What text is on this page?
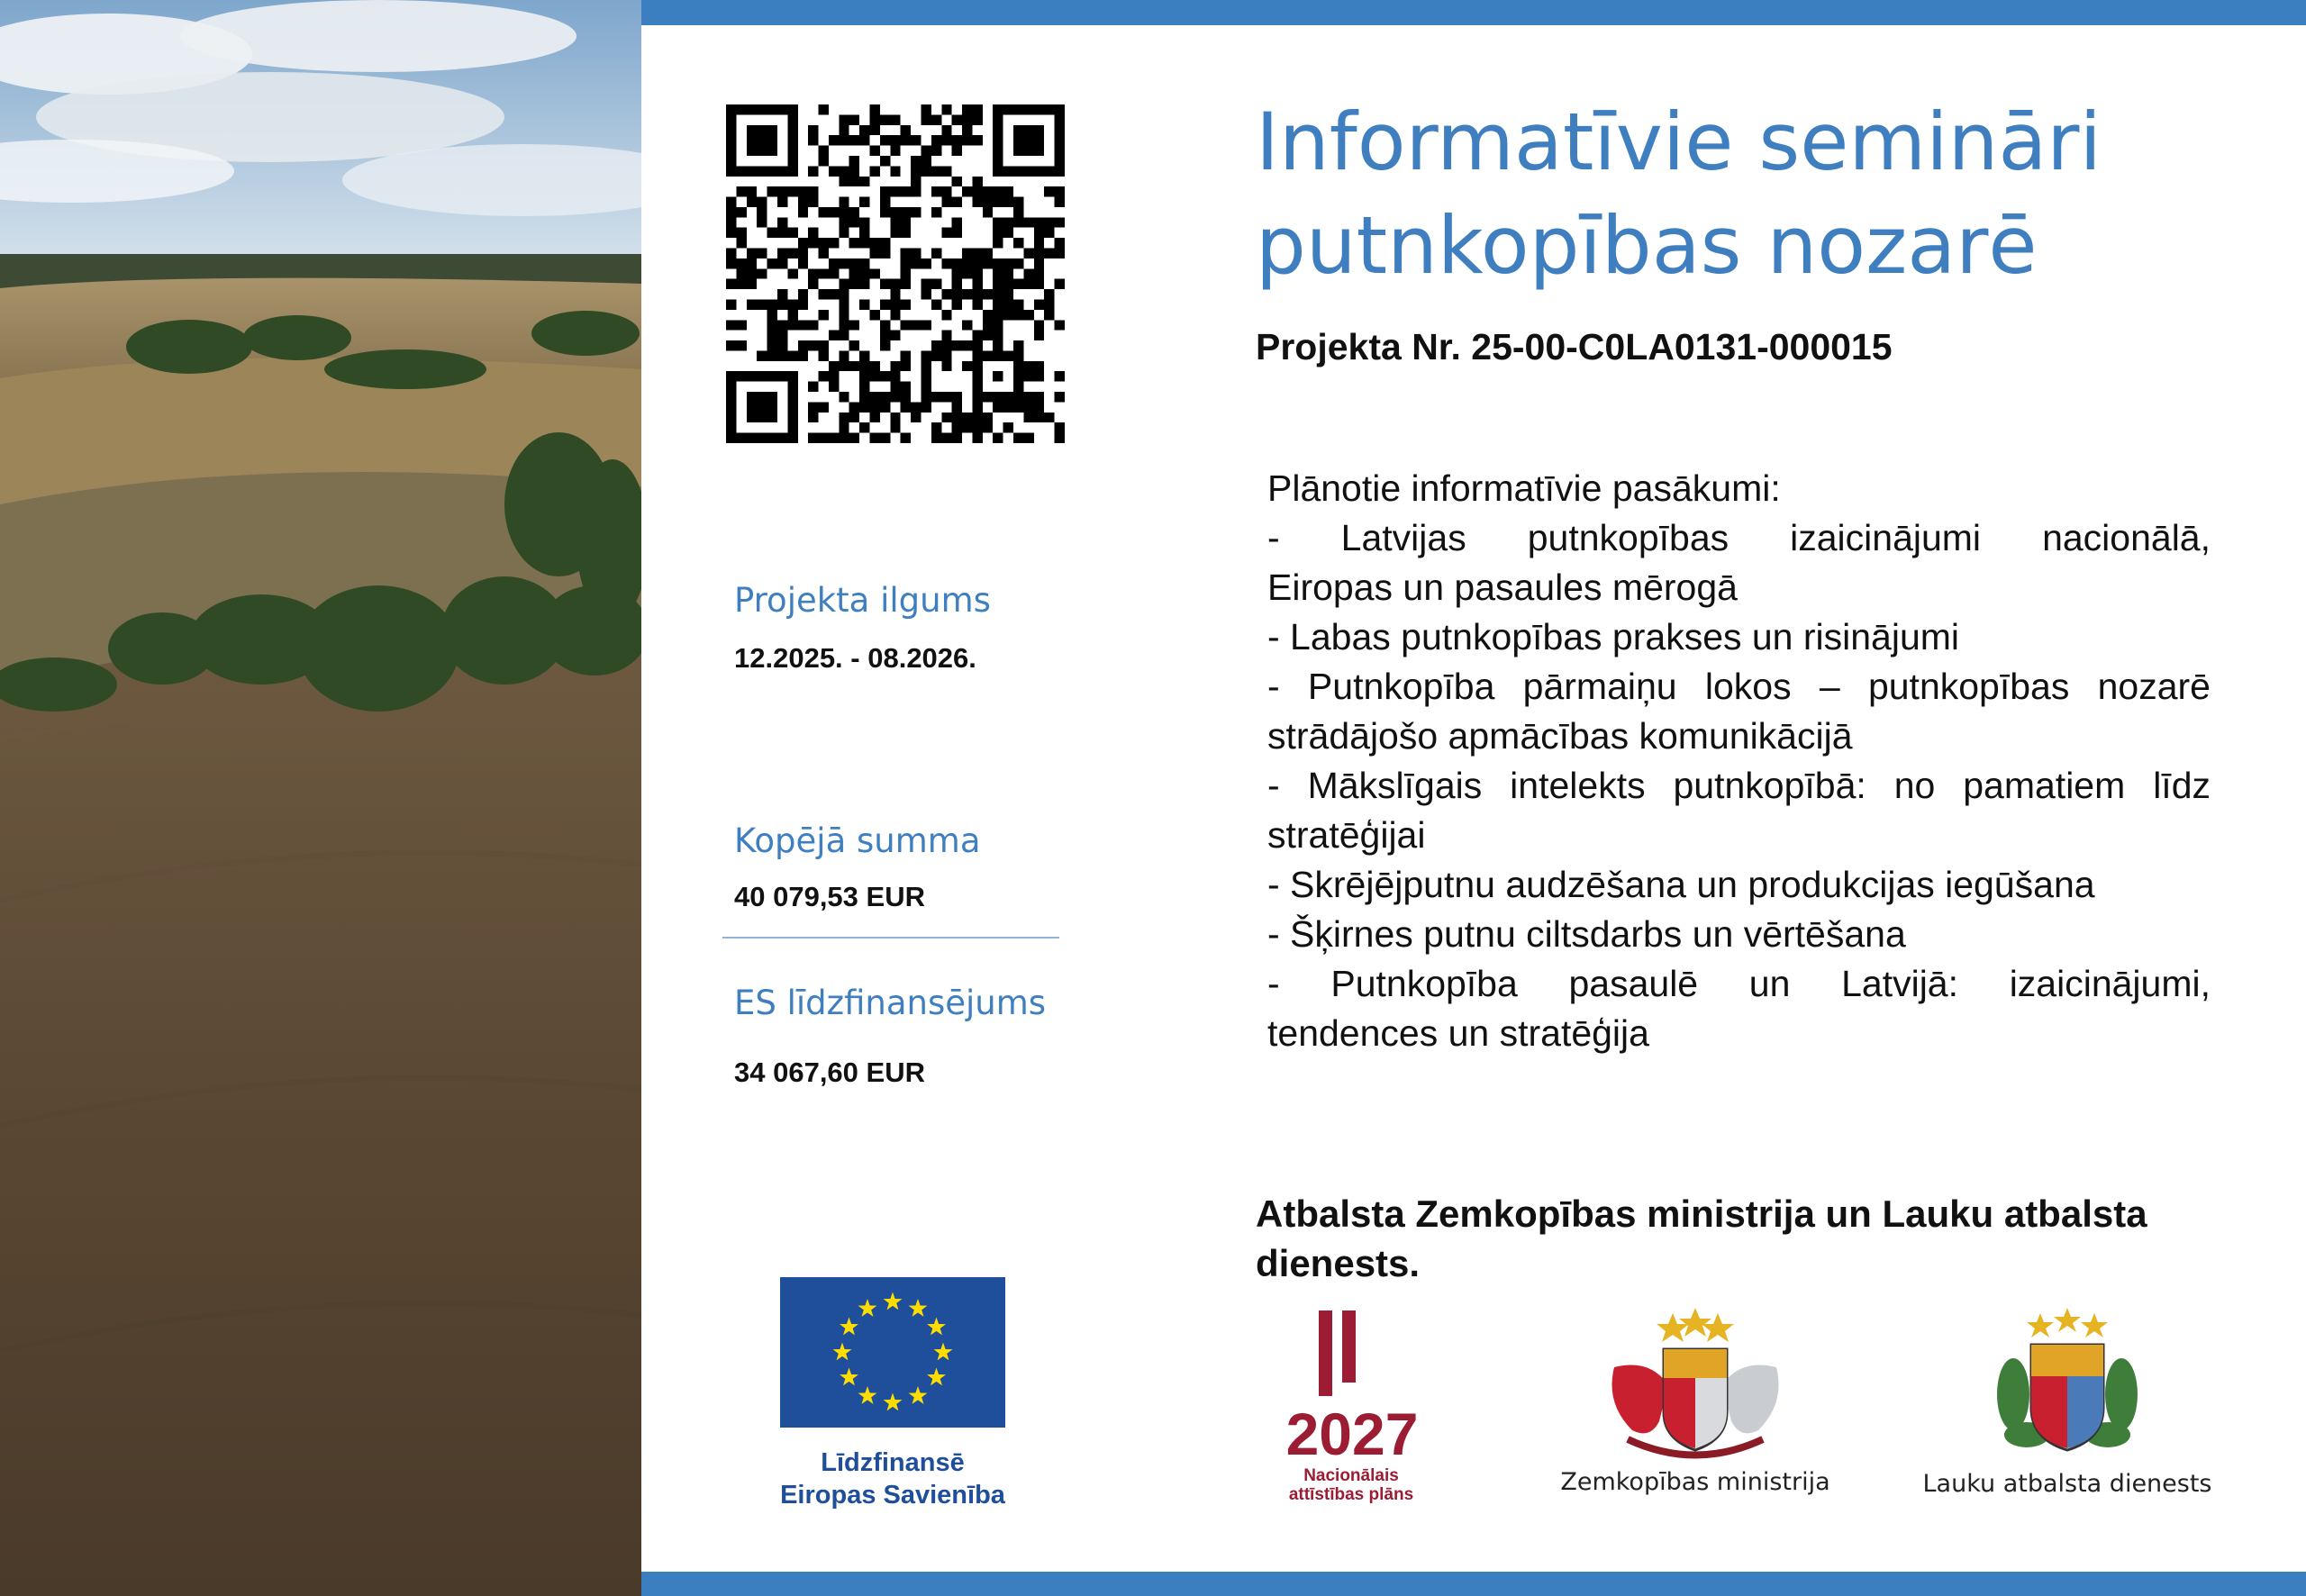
Projekta ilgums
12.2025. - 08.2026.
Kopējā summa
40 079,53 EUR
ES līdzfinansējums
34 067,60 EUR
Informatīvie semināri
putnkopības nozarē
Projekta Nr. 25-00-C0LA0131-000015
Plānotie informatīvie pasākumi:
- Latvijas putnkopības izaicinājumi nacionālā,
Eiropas un pasaules mērogā
- Labas putnkopības prakses un risinājumi
- Putnkopība pārmaiņu lokos – putnkopības nozarē
strādājošo apmācības komunikācijā
- Mākslīgais intelekts putnkopībā: no pamatiem līdz
stratēģijai
- Skrējējputnu audzēšana un produkcijas iegūšana
- Šķirnes putnu ciltsdarbs un vērtēšana
- Putnkopība pasaulē un Latvijā: izaicinājumi,
tendences un stratēģija
Atbalsta Zemkopības ministrija un Lauku atbalsta dienests.
Līdzfinansē
Eiropas Savienība
2027
Nacionālais
attīstības plāns	Zemkopības ministrija	Lauku atbalsta dienests
